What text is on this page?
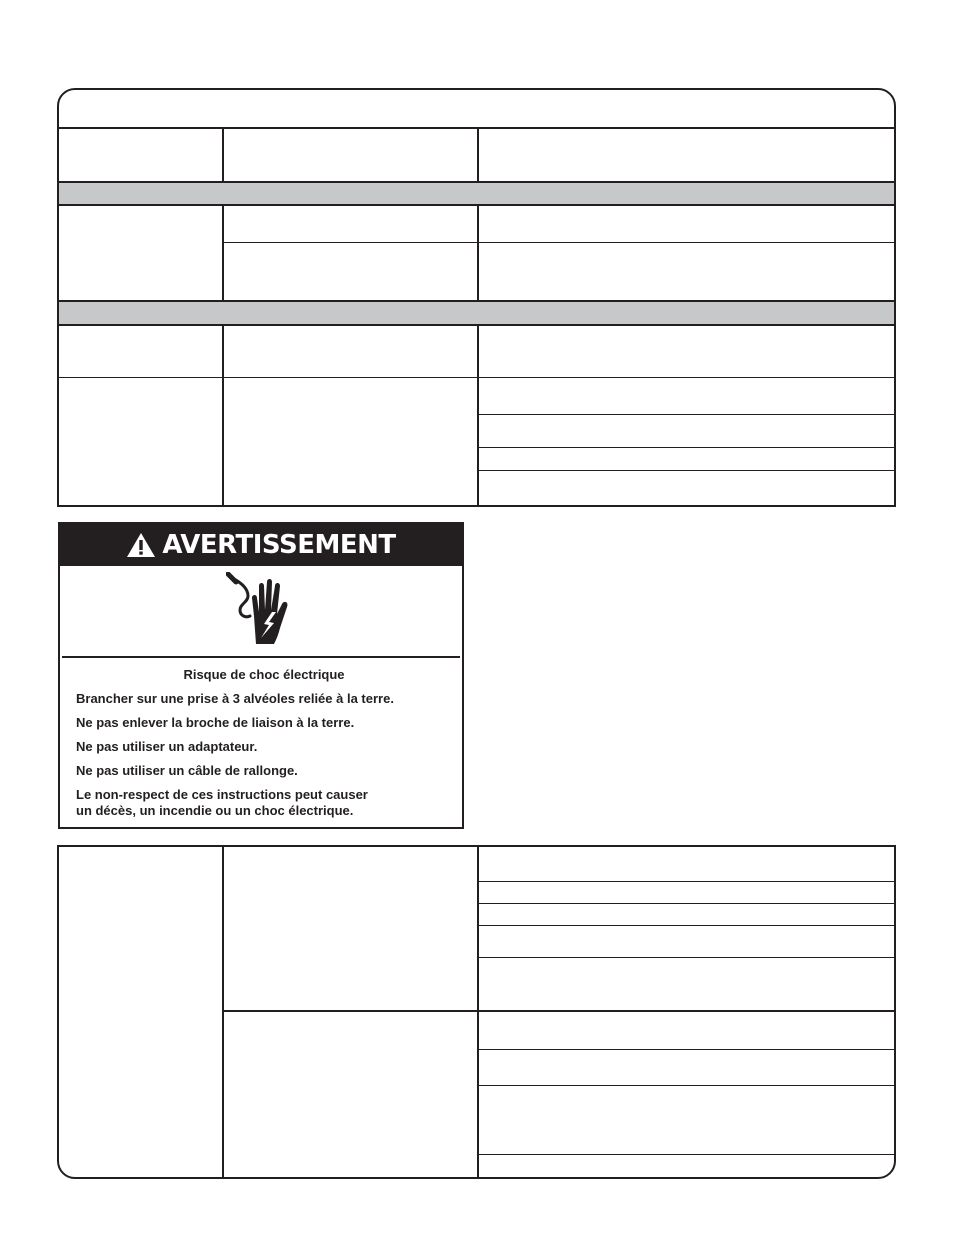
AVERTISSEMENT

Risque de choc électrique

Brancher sur une prise à 3 alvéoles reliée à la terre.

Ne pas enlever la broche de liaison à la terre.

Ne pas utiliser un adaptateur.

Ne pas utiliser un câble de rallonge.

Le non-respect de ces instructions peut causer

un décès, un incendie ou un choc électrique.
